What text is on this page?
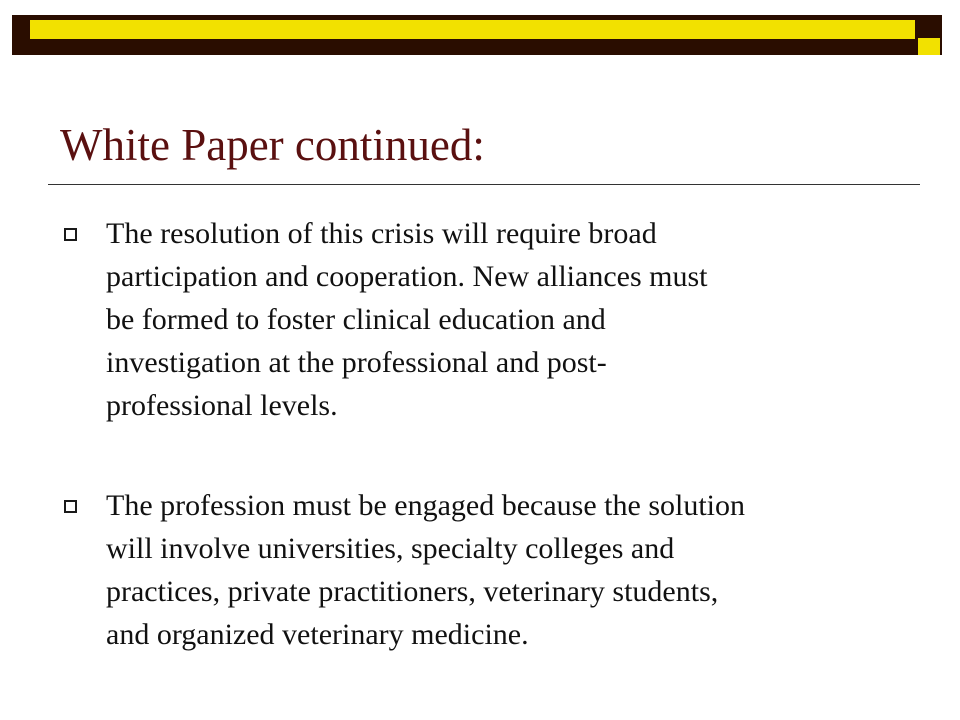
White Paper continued:

The resolution of this crisis will require broad
participation and cooperation. New alliances must
be formed to foster clinical education and
investigation at the professional and post-
professional levels.

The profession must be engaged because the solution
will involve universities, specialty colleges and
practices, private practitioners, veterinary students,
and organized veterinary medicine.
